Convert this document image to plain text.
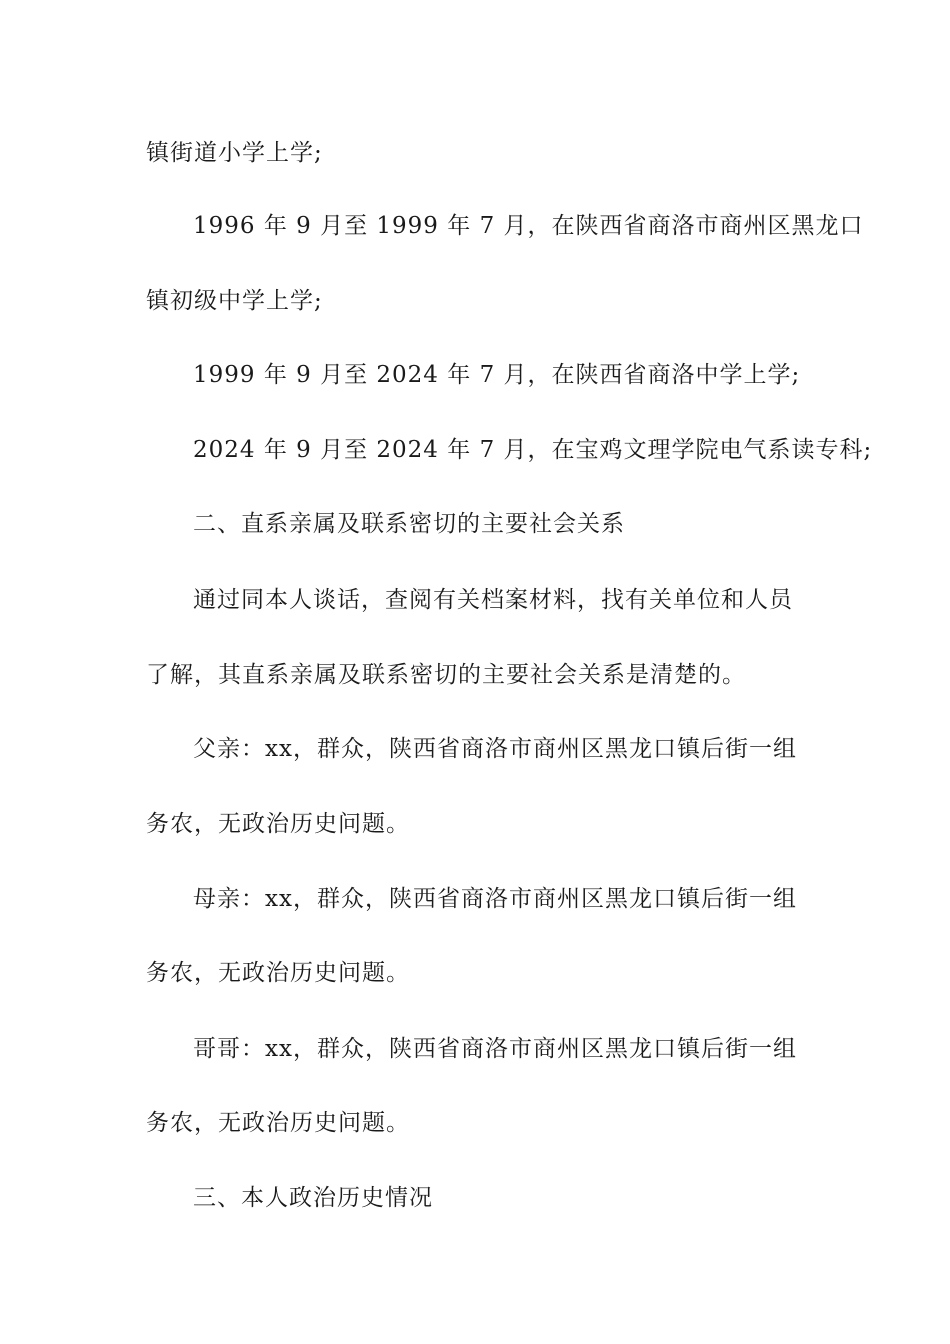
镇街道小学上学;
1996 年 9 月至 1999 年 7 月，在陕西省商洛市商州区黑龙口
镇初级中学上学;
1999 年 9 月至 2024 年 7 月，在陕西省商洛中学上学;
2024 年 9 月至 2024 年 7 月，在宝鸡文理学院电气系读专科;
二、直系亲属及联系密切的主要社会关系
通过同本人谈话，查阅有关档案材料，找有关单位和人员
了解，其直系亲属及联系密切的主要社会关系是清楚的。
父亲：xx，群众，陕西省商洛市商州区黑龙口镇后街一组
务农，无政治历史问题。
母亲：xx，群众，陕西省商洛市商州区黑龙口镇后街一组
务农，无政治历史问题。
哥哥：xx，群众，陕西省商洛市商州区黑龙口镇后街一组
务农，无政治历史问题。
三、本人政治历史情况
